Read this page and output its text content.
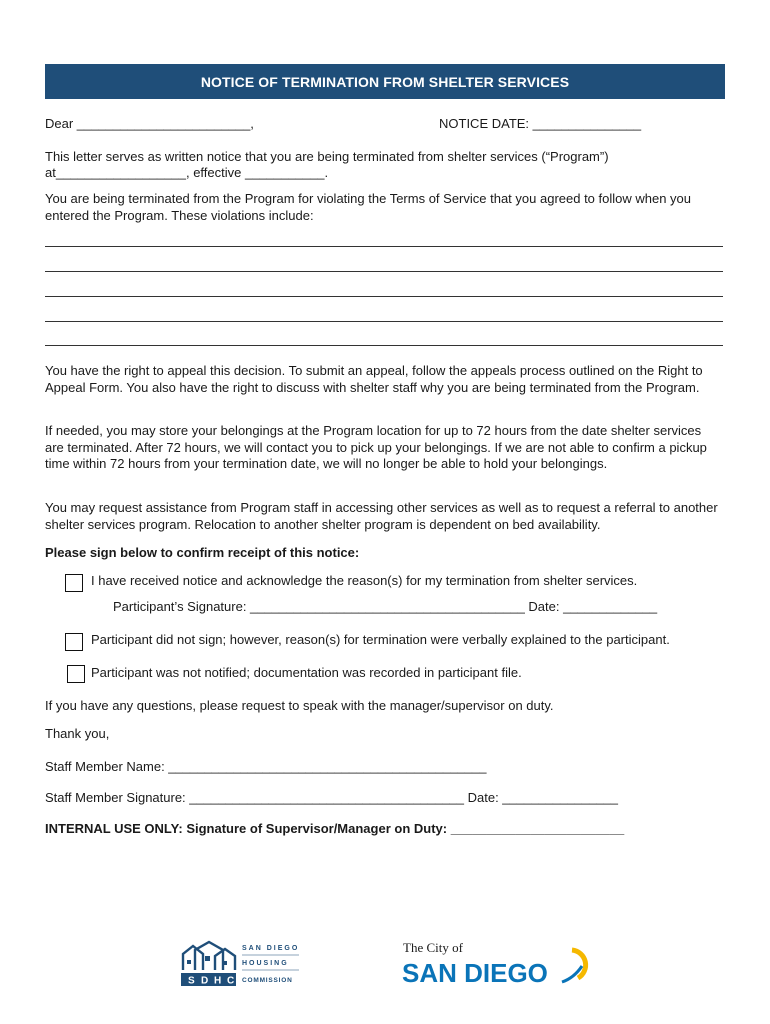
NOTICE OF TERMINATION FROM SHELTER SERVICES
Dear ________________________,	NOTICE DATE: _______________
This letter serves as written notice that you are being terminated from shelter services (“Program”)
at__________________, effective ___________.
You are being terminated from the Program for violating the Terms of Service that you agreed to follow when you entered the Program. These violations include:
You have the right to appeal this decision. To submit an appeal, follow the appeals process outlined on the Right to Appeal Form. You also have the right to discuss with shelter staff why you are being terminated from the Program.
If needed, you may store your belongings at the Program location for up to 72 hours from the date shelter services are terminated. After 72 hours, we will contact you to pick up your belongings. If we are not able to confirm a pickup time within 72 hours from your termination date, we will no longer be able to hold your belongings.
You may request assistance from Program staff in accessing other services as well as to request a referral to another shelter services program. Relocation to another shelter program is dependent on bed availability.
Please sign below to confirm receipt of this notice:
I have received notice and acknowledge the reason(s) for my termination from shelter services.
Participant’s Signature: ______________________________________ Date: _____________
Participant did not sign; however, reason(s) for termination were verbally explained to the participant.
Participant was not notified; documentation was recorded in participant file.
If you have any questions, please request to speak with the manager/supervisor on duty.
Thank you,
Staff Member Name: ____________________________________________
Staff Member Signature: ______________________________________ Date: ________________
INTERNAL USE ONLY: Signature of Supervisor/Manager on Duty: ________________________
S D H C
SAN DIEGO
HOUSING
COMMISSION
The City of
SAN DIEGO
